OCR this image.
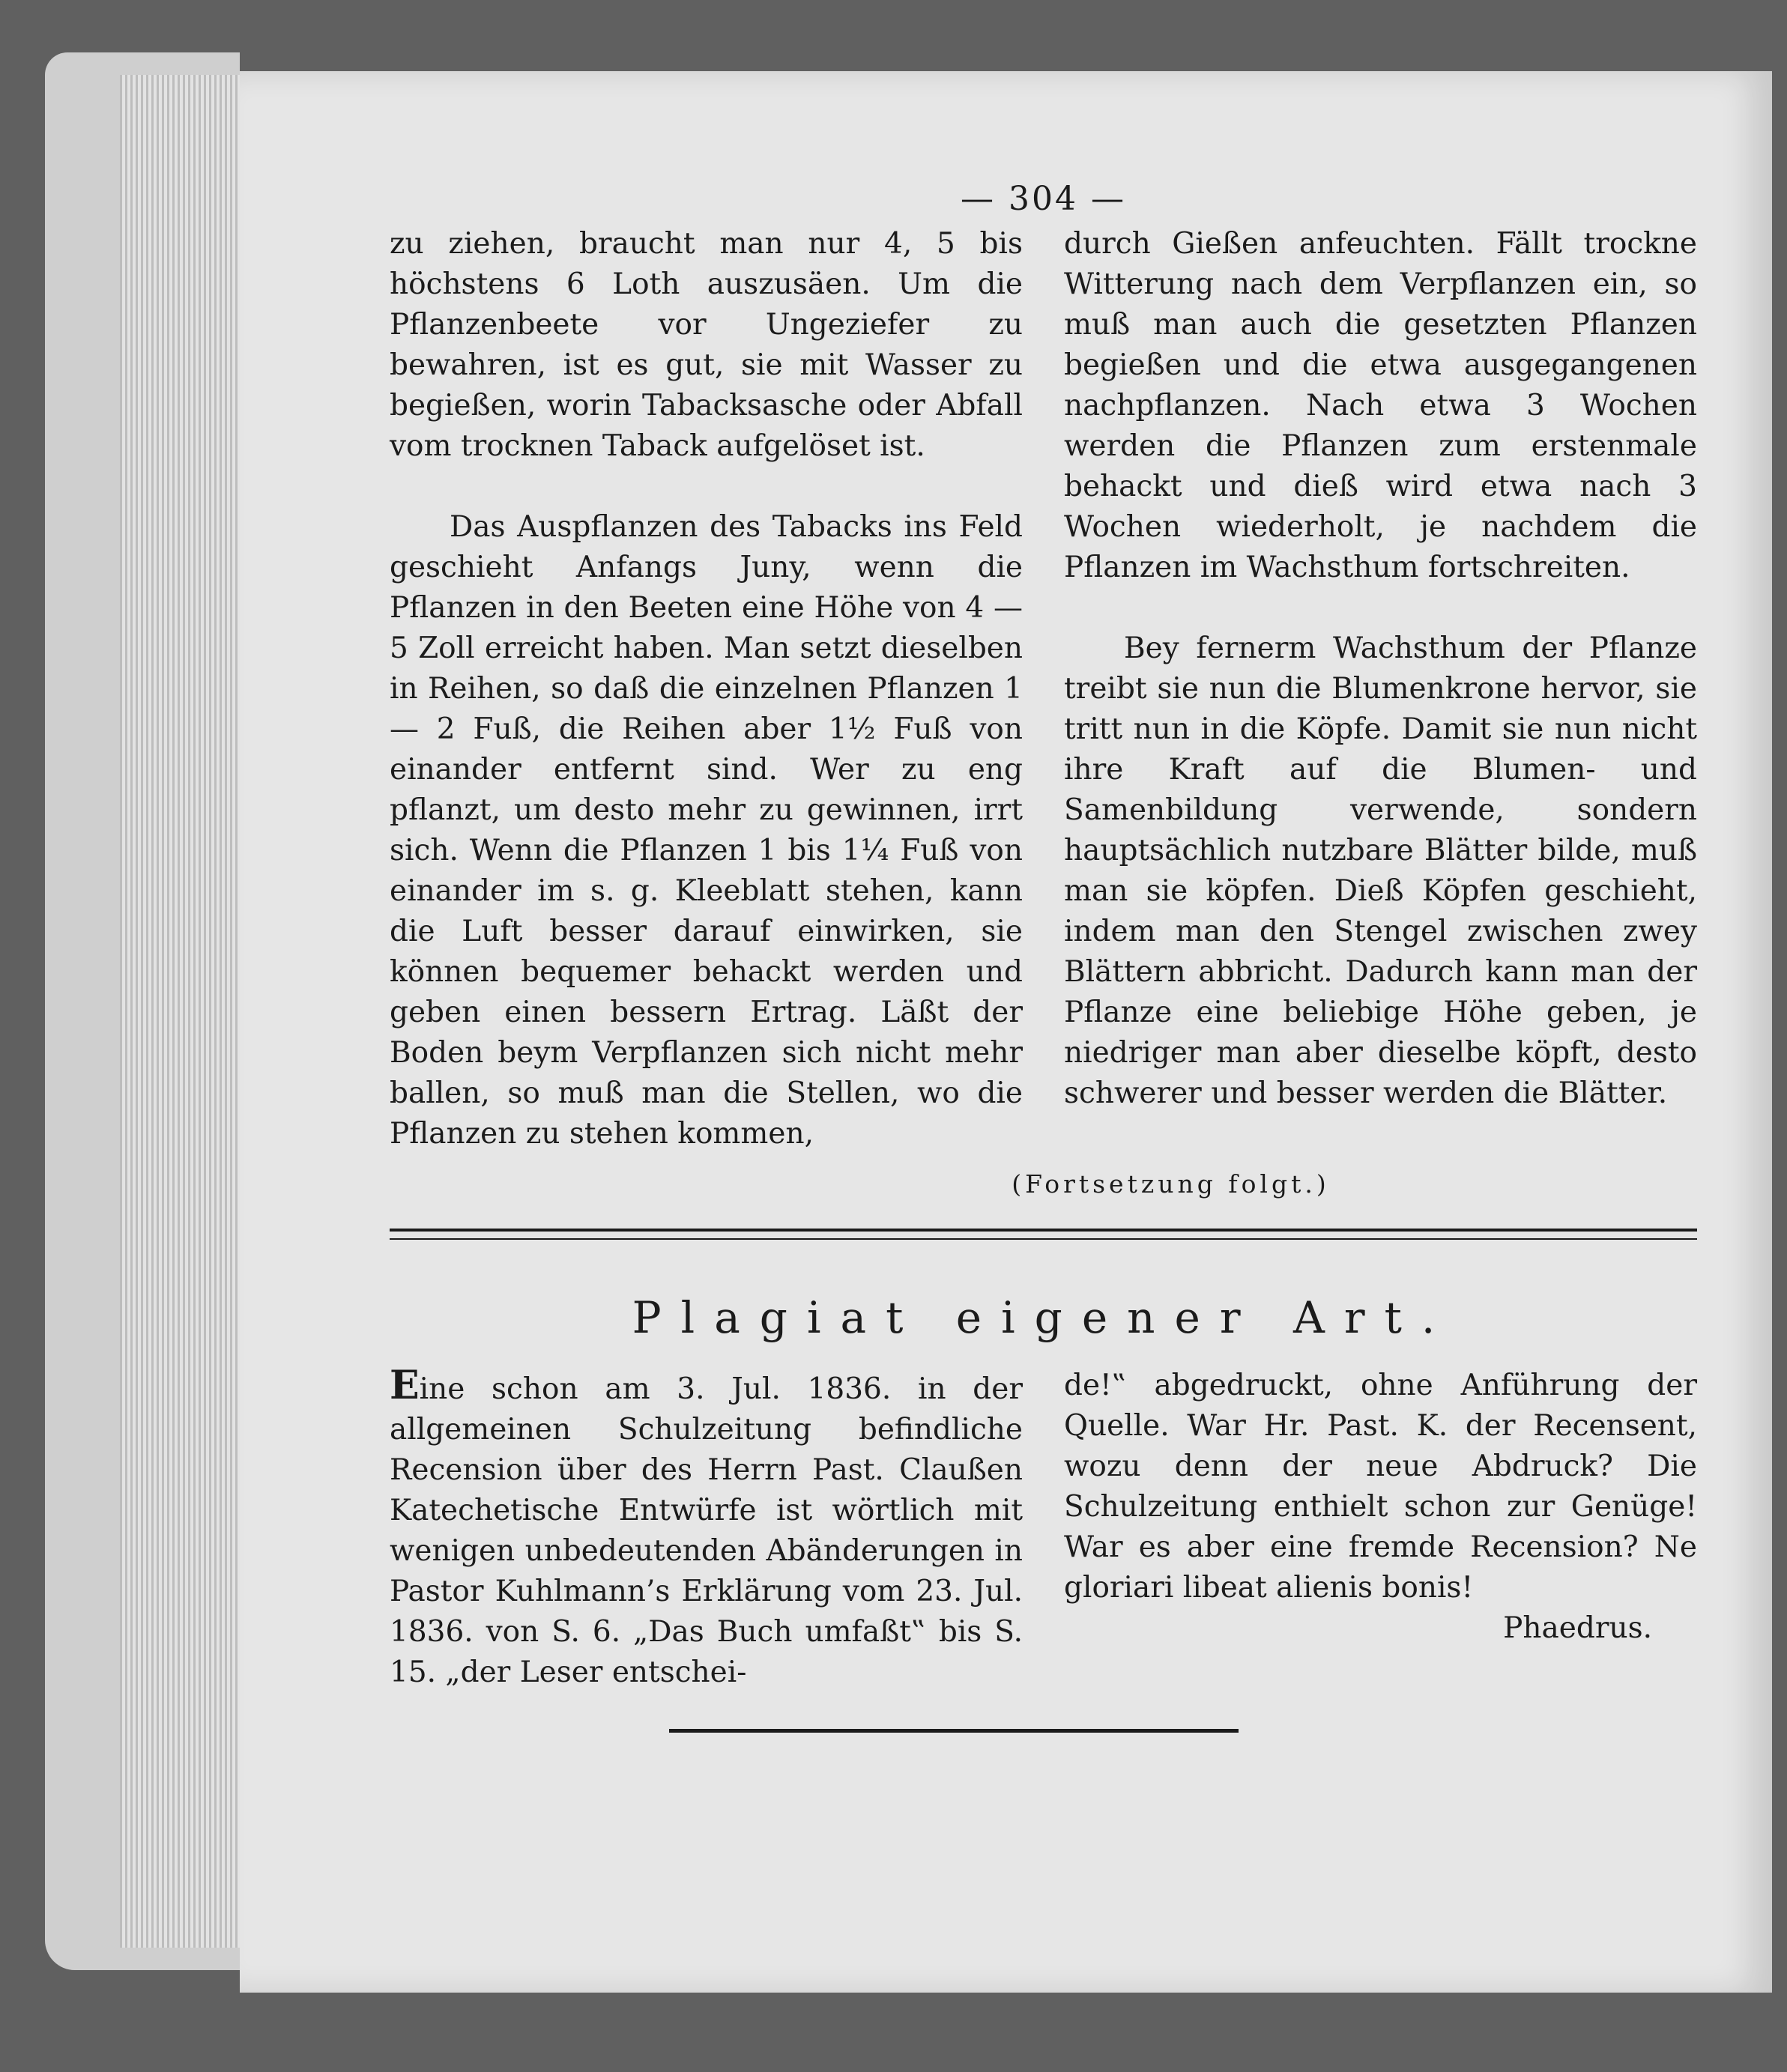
— 304 —

zu ziehen, braucht man nur 4, 5 bis höchstens 6 Loth auszusäen. Um die Pflanzenbeete vor Ungeziefer zu bewahren, ist es gut, sie mit Wasser zu begießen, worin Tabacksasche oder Abfall vom trocknen Taback aufgelöset ist.

Das Auspflanzen des Tabacks ins Feld geschieht Anfangs Juny, wenn die Pflanzen in den Beeten eine Höhe von 4 — 5 Zoll erreicht haben. Man setzt dieselben in Reihen, so daß die einzelnen Pflanzen 1 — 2 Fuß, die Reihen aber 1½ Fuß von einander entfernt sind. Wer zu eng pflanzt, um desto mehr zu gewinnen, irrt sich. Wenn die Pflanzen 1 bis 1¼ Fuß von einander im s. g. Kleeblatt stehen, kann die Luft besser darauf einwirken, sie können bequemer behackt werden und geben einen bessern Ertrag. Läßt der Boden beym Verpflanzen sich nicht mehr ballen, so muß man die Stellen, wo die Pflanzen zu stehen kommen,

durch Gießen anfeuchten. Fällt trockne Witterung nach dem Verpflanzen ein, so muß man auch die gesetzten Pflanzen begießen und die etwa ausgegangenen nachpflanzen. Nach etwa 3 Wochen werden die Pflanzen zum erstenmale behackt und dieß wird etwa nach 3 Wochen wiederholt, je nachdem die Pflanzen im Wachsthum fortschreiten.

Bey fernerm Wachsthum der Pflanze treibt sie nun die Blumenkrone hervor, sie tritt nun in die Köpfe. Damit sie nun nicht ihre Kraft auf die Blumen- und Samenbildung verwende, sondern hauptsächlich nutzbare Blätter bilde, muß man sie köpfen. Dieß Köpfen geschieht, indem man den Stengel zwischen zwey Blättern abbricht. Dadurch kann man der Pflanze eine beliebige Höhe geben, je niedriger man aber dieselbe köpft, desto schwerer und besser werden die Blätter.

(Fortsetzung folgt.)
Plagiat eigener Art.

Eine schon am 3. Jul. 1836. in der allgemeinen Schulzeitung befindliche Recension über des Herrn Past. Claußen Katechetische Entwürfe ist wörtlich mit wenigen unbedeutenden Abänderungen in Pastor Kuhlmann’s Erklärung vom 23. Jul. 1836. von S. 6. „Das Buch umfaßt‟ bis S. 15. „der Leser entschei-

de!‟ abgedruckt, ohne Anführung der Quelle. War Hr. Past. K. der Recensent, wozu denn der neue Abdruck? Die Schulzeitung enthielt schon zur Genüge! War es aber eine fremde Recension? Ne gloriari libeat alienis bonis!

Phaedrus.
